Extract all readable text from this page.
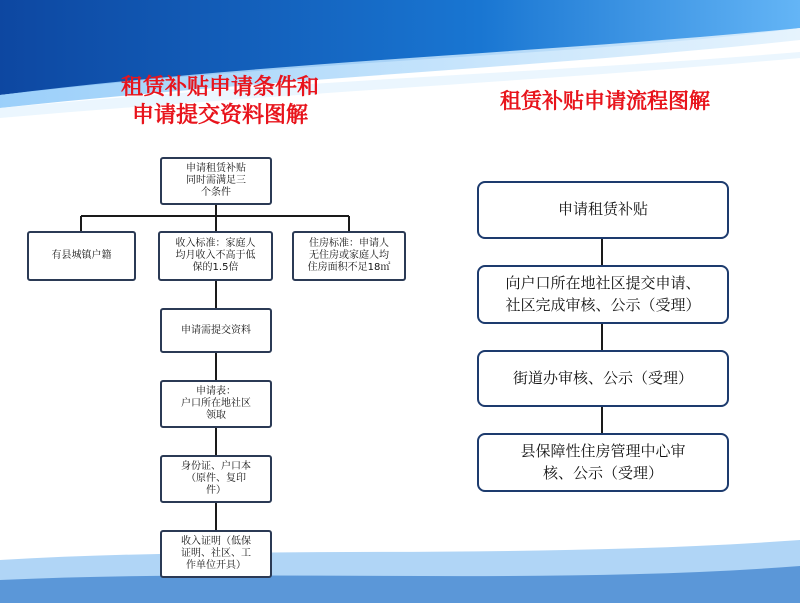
租赁补贴申请条件和
申请提交资料图解
租赁补贴申请流程图解
申请租赁补贴
同时需满足三
个条件
有县城镇户籍
收入标准：家庭人
均月收入不高于低
保的1.5倍
住房标准：申请人
无住房或家庭人均
住房面积不足18㎡
申请需提交资料
申请表：
户口所在地社区
领取
身份证、户口本
（原件、复印
件）
收入证明（低保
证明、社区、工
作单位开具）
申请租赁补贴
向户口所在地社区提交申请、
社区完成审核、公示（受理）
街道办审核、公示（受理）
县保障性住房管理中心审
核、公示（受理）
